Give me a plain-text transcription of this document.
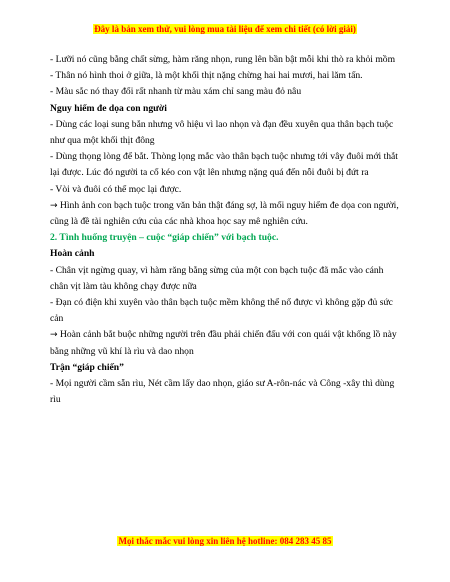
Đây là bản xem thử, vui lòng mua tài liệu để xem chi tiết (có lời giải)

- Lưỡi nó cũng bằng chất sừng, hàm răng nhọn, rung lên bần bật mỗi khi thò ra khỏi mồm

- Thân nó hình thoi ở giữa, là một khối thịt nặng chừng hai hai mươi, hai lăm tấn.

- Màu sắc nó thay đổi rất nhanh từ màu xám chỉ sang màu đỏ nâu

Nguy hiểm đe dọa con người

- Dùng các loại sung bắn nhưng vô hiệu vì lao nhọn và đạn đều xuyên qua thân bạch tuộc như qua một khối thịt đông

- Dùng thọng lòng để bắt. Thòng lọng mắc vào thân bạch tuộc nhưng tới vây đuôi mới thắt lại được. Lúc đó người ta cố kéo con vật lên nhưng nặng quá đến nỗi đuôi bị đứt ra

- Vòi và đuôi có thể mọc lại được.

→ Hình ảnh con bạch tuộc trong văn bản thật đáng sợ, là mối nguy hiểm đe dọa con người, cũng là đề tài nghiên cứu của các nhà khoa học say mê nghiên cứu.

2. Tình huống truyện – cuộc “giáp chiến” với bạch tuộc.

Hoàn cảnh

- Chân vịt ngừng quay, vì hàm răng bằng sừng của một con bạch tuộc đã mắc vào cánh chân vịt làm tàu không chạy được nữa

- Đạn có điện khi xuyên vào thân bạch tuộc mềm không thể nổ được vì không gặp đủ sức cản

→ Hoàn cảnh bắt buộc những người trên đầu phải chiến đấu với con quái vật khổng lồ này bằng những vũ khí là rìu và dao nhọn

Trận “giáp chiến”

- Mọi người cầm sẵn rìu, Nét cầm lấy dao nhọn, giáo sư A-rôn-nác và Công -xây thì dùng rìu

Mọi thắc mắc vui lòng xin liên hệ hotline: 084 283 45 85
